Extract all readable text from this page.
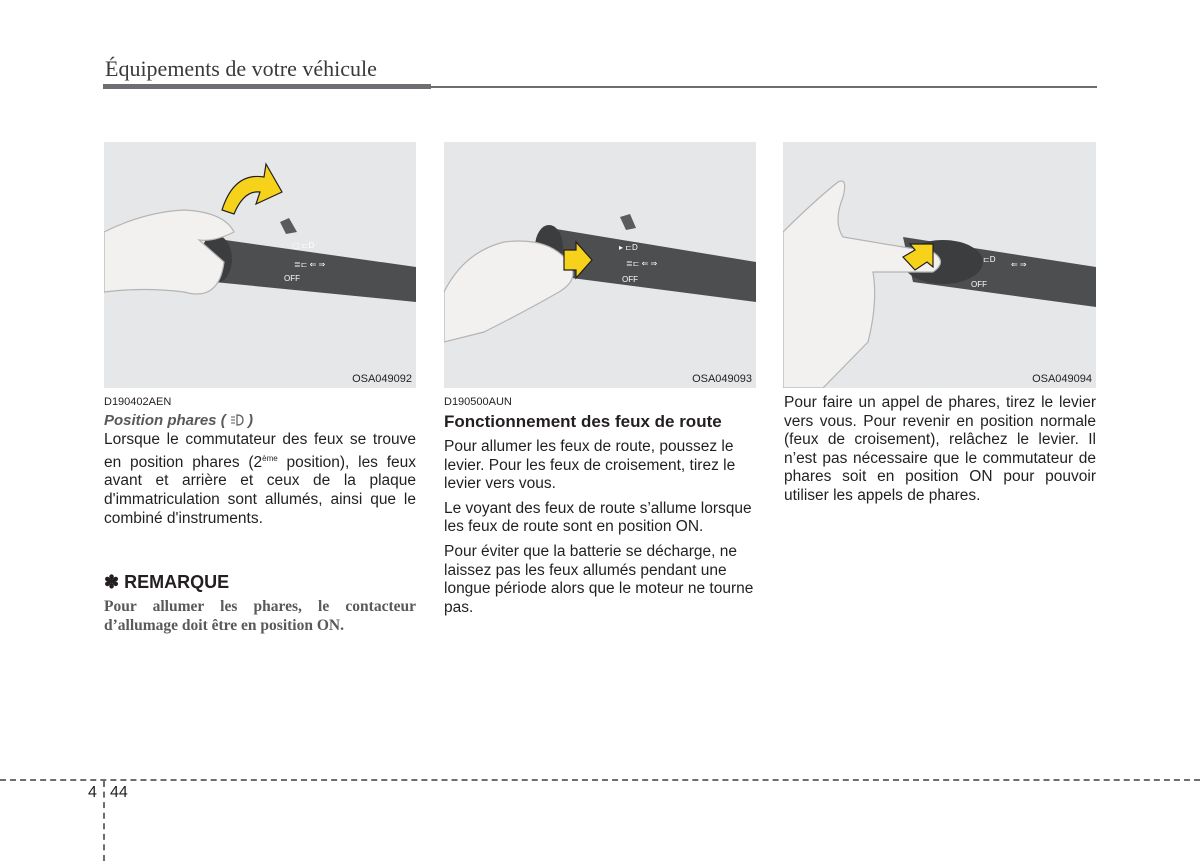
Équipements de votre véhicule
▢ ⊏D
≣⊏ ⇐ ⇒
OFF
OSA049092
▸ ⊏D
≣⊏ ⇐ ⇒
OFF
OSA049093
⊏D
⇐ ⇒
OFF
OSA049094
D190402AEN
Position phares ( )

Lorsque le commutateur des feux se trouve en position phares (2ème position), les feux avant et arrière et ceux de la plaque d'immatriculation sont allumés, ainsi que le combiné d'instruments.

✽ REMARQUE
Pour allumer les phares, le contacteur d’allumage doit être en position ON.
D190500AUN
Fonctionnement des feux de route

Pour allumer les feux de route, poussez le levier. Pour les feux de croisement, tirez le levier vers vous.

Le voyant des feux de route s’allume lorsque les feux de route sont en position ON.

Pour éviter que la batterie se décharge, ne laissez pas les feux allumés pendant une longue période alors que le moteur ne tourne pas.

Pour faire un appel de phares, tirez le levier vers vous. Pour revenir en position normale (feux de croisement), relâchez le levier. Il n’est pas nécessaire que le commutateur de phares soit en position ON pour pouvoir utiliser les appels de phares.

4 44
